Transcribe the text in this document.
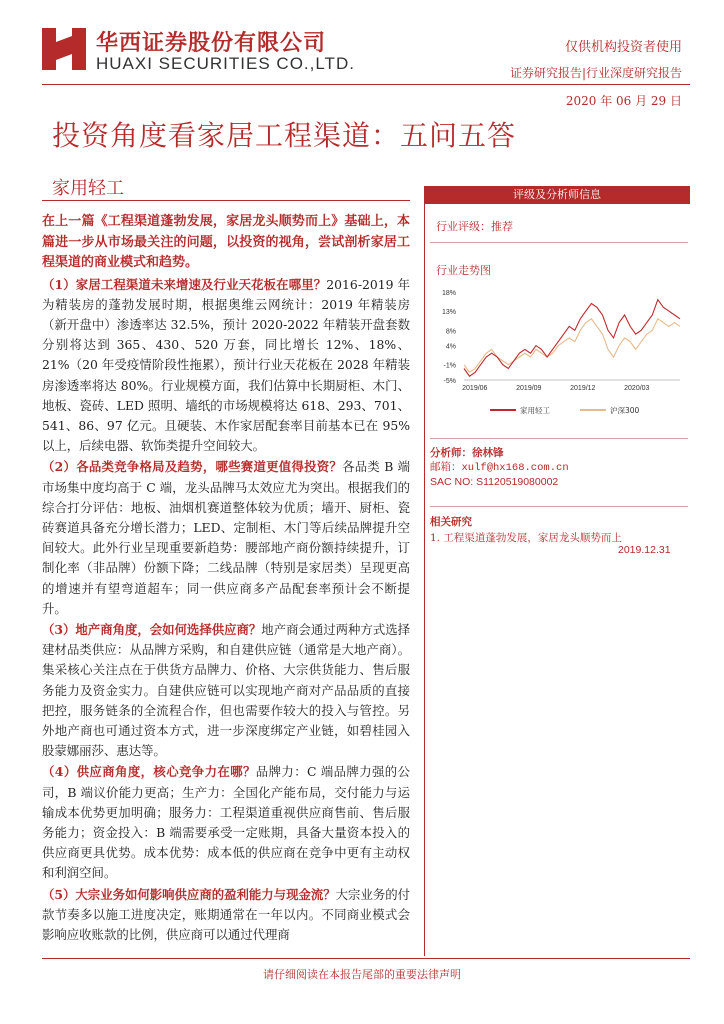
华西证券股份有限公司
HUAXI SECURITIES CO.,LTD.
仅供机构投资者使用
证券研究报告|行业深度研究报告
2020 年 06 月 29 日
投资角度看家居工程渠道：五问五答
家用轻工

在上一篇《工程渠道蓬勃发展，家居龙头顺势而上》基础上，本篇进一步从市场最关注的问题，以投资的视角，尝试剖析家居工程渠道的商业模式和趋势。

（1）家居工程渠道未来增速及行业天花板在哪里？2016-2019 年为精装房的蓬勃发展时期，根据奥维云网统计：2019 年精装房（新开盘中）渗透率达 32.5%，预计 2020-2022 年精装开盘套数分别将达到 365、430、520 万套，同比增长 12%、18%、21%（20 年受疫情阶段性拖累），预计行业天花板在 2028 年精装房渗透率将达 80%。行业规模方面，我们估算中长期厨柜、木门、地板、瓷砖、LED 照明、墙纸的市场规模将达 618、293、701、541、86、97 亿元。且硬装、木作家居配套率目前基本已在 95%以上，后续电器、软饰类提升空间较大。

（2）各品类竞争格局及趋势，哪些赛道更值得投资？各品类 B 端市场集中度均高于 C 端，龙头品牌马太效应尤为突出。根据我们的综合打分评估：地板、油烟机赛道整体较为优质；墙开、厨柜、瓷砖赛道具备充分增长潜力；LED、定制柜、木门等后续品牌提升空间较大。此外行业呈现重要新趋势：腰部地产商份额持续提升，订制化率（非品牌）份额下降；二线品牌（特别是家居类）呈现更高的增速并有望弯道超车；同一供应商多产品配套率预计会不断提升。

（3）地产商角度，会如何选择供应商？地产商会通过两种方式选择建材品类供应：从品牌方采购，和自建供应链（通常是大地产商）。集采核心关注点在于供货方品牌力、价格、大宗供货能力、售后服务能力及资金实力。自建供应链可以实现地产商对产品品质的直接把控，服务链条的全流程合作，但也需要作较大的投入与管控。另外地产商也可通过资本方式，进一步深度绑定产业链，如碧桂园入股蒙娜丽莎、惠达等。

（4）供应商角度，核心竞争力在哪？品牌力：C 端品牌力强的公司，B 端议价能力更高；生产力：全国化产能布局，交付能力与运输成本优势更加明确；服务力：工程渠道重视供应商售前、售后服务能力；资金投入：B 端需要承受一定账期，具备大量资本投入的供应商更具优势。成本优势：成本低的供应商在竞争中更有主动权和利润空间。

（5）大宗业务如何影响供应商的盈利能力与现金流？大宗业务的付款节奏多以施工进度决定，账期通常在一年以内。不同商业模式会影响应收账款的比例，供应商可以通过代理商

评级及分析师信息
行业评级：推荐
行业走势图
18%
13%
8%
4%
-1%
-5%
2019/06	2019/09	2019/12	2020/03
家用轻工	沪深300
分析师：徐林锋
邮箱：xulf@hx168.com.cn
SAC NO: S1120519080002
相关研究
1. 工程渠道蓬勃发展，家居龙头顺势而上
2019.12.31
请仔细阅读在本报告尾部的重要法律声明
